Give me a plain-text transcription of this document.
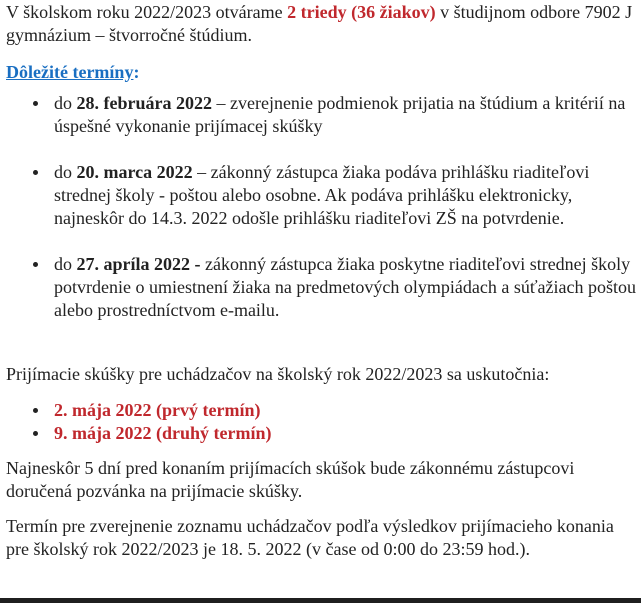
V školskom roku 2022/2023 otvárame 2 triedy (36 žiakov) v študijnom odbore 7902 J gymnázium – štvorročné štúdium.

Dôležité termíny:

do 28. februára 2022 – zverejnenie podmienok prijatia na štúdium a kritérií na úspešné vykonanie prijímacej skúšky
do 20. marca 2022 – zákonný zástupca žiaka podáva prihlášku riaditeľovi strednej školy - poštou alebo osobne. Ak podáva prihlášku elektronicky, najneskôr do 14.3. 2022 odošle prihlášku riaditeľovi ZŠ na potvrdenie.
do 27. apríla 2022 - zákonný zástupca žiaka poskytne riaditeľovi strednej školy potvrdenie o umiestnení žiaka na predmetových olympiádach a súťažiach poštou alebo prostredníctvom e-mailu.

Prijímacie skúšky pre uchádzačov na školský rok 2022/2023 sa uskutočnia:

2. mája 2022 (prvý termín)
9. mája 2022 (druhý termín)

Najneskôr 5 dní pred konaním prijímacích skúšok bude zákonnému zástupcovi doručená pozvánka na prijímacie skúšky.

Termín pre zverejnenie zoznamu uchádzačov podľa výsledkov prijímacieho konania pre školský rok 2022/2023 je 18. 5. 2022 (v čase od 0:00 do 23:59 hod.).
